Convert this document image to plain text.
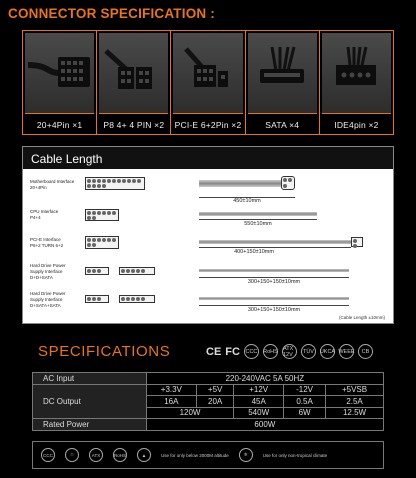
CONNECTOR SPECIFICATION :
20+4Pin ×1	P8 4+ 4 PIN ×2	PCI-E 6+2Pin ×2	SATA ×4	IDE4pin ×2
Cable Length
Motherboard Interface
20+4Pin
450±10mm
CPU Interface
P4+4
550±10mm
PCI-E Interface
P6+2 TURN 6+2
400+150±10mm
Hard Drive Power
Supply Interface
D+D+SATA
300+150+150±10mm
Hard Drive Power
Supply Interface
D+SATA+SATA
300+150+150±10mm
(Cable Length ±10mm)
SPECIFICATIONS	CE FC CCC RoHS ATX 12V	TÜV	UKCA WEEE	CB
AC Input	220-240VAC 5A 50HZ				
DC Output	+3.3V	+5V	+12V	-12V	+5VSB
	16A	20A	45A	0.5A	2.5A
	120W		540W	6W	12.5W
Rated Power	600W				
CCC	♲	ATX	RoHS	▲	Use for only below 2000M altitude	✲	Use for only non-tropical climate
